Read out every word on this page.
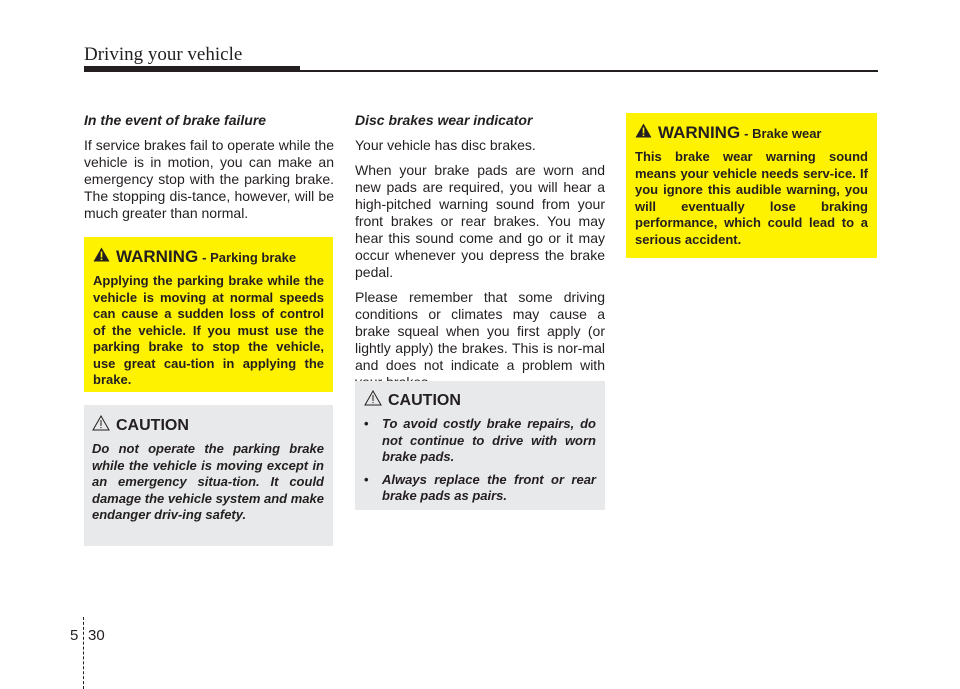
Driving your vehicle
In the event of brake failure

If service brakes fail to operate while the vehicle is in motion, you can make an emergency stop with the parking brake. The stopping dis-tance, however, will be much greater than normal.

WARNING - Parking brake
Applying the parking brake while the vehicle is moving at normal speeds can cause a sudden loss of control of the vehicle. If you must use the parking brake to stop the vehicle, use great cau-tion in applying the brake.
CAUTION
Do not operate the parking brake while the vehicle is moving except in an emergency situa-tion. It could damage the vehicle system and make endanger driv-ing safety.
Disc brakes wear indicator

Your vehicle has disc brakes.

When your brake pads are worn and new pads are required, you will hear a high-pitched warning sound from your front brakes or rear brakes. You may hear this sound come and go or it may occur whenever you depress the brake pedal.

Please remember that some driving conditions or climates may cause a brake squeal when you first apply (or lightly apply) the brakes. This is nor-mal and does not indicate a problem with

CAUTION
• To avoid costly brake repairs, do not continue to drive with worn brake pads.
• Always replace the front or rear brake pads as pairs.
WARNING - Brake wear
This brake wear warning sound means your vehicle needs serv-ice. If you ignore this audible warning, you will eventually lose braking performance, which could lead to a serious accident.
5 30
